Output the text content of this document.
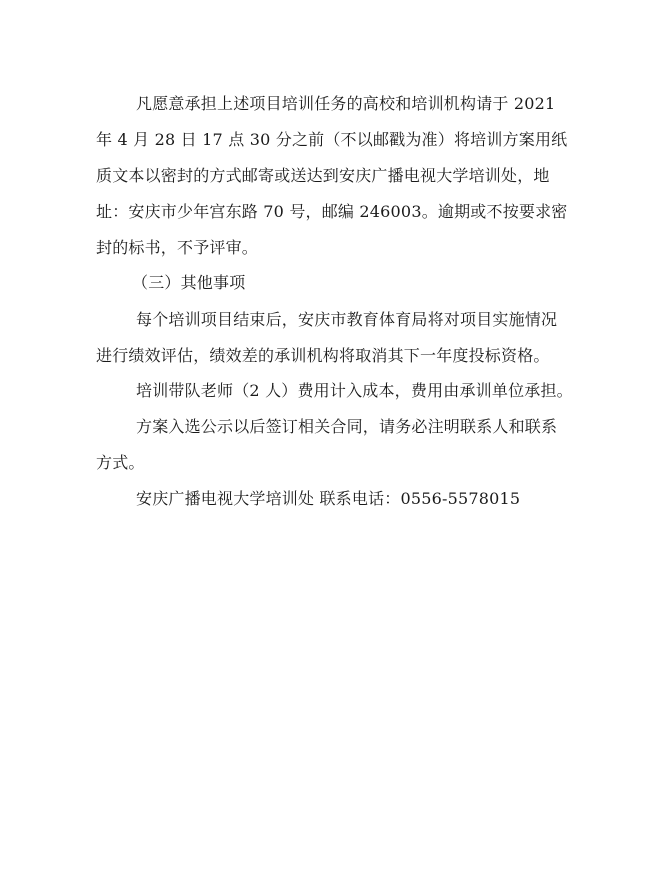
凡愿意承担上述项目培训任务的高校和培训机构请于 2021
年 4 月 28 日 17 点 30 分之前（不以邮戳为准）将培训方案用纸
质文本以密封的方式邮寄或送达到安庆广播电视大学培训处，地
址：安庆市少年宫东路 70 号，邮编 246003。逾期或不按要求密
封的标书，不予评审。
（三）其他事项
每个培训项目结束后，安庆市教育体育局将对项目实施情况
进行绩效评估，绩效差的承训机构将取消其下一年度投标资格。
培训带队老师（2 人）费用计入成本，费用由承训单位承担。
方案入选公示以后签订相关合同，请务必注明联系人和联系
方式。
安庆广播电视大学培训处 联系电话：0556-5578015
